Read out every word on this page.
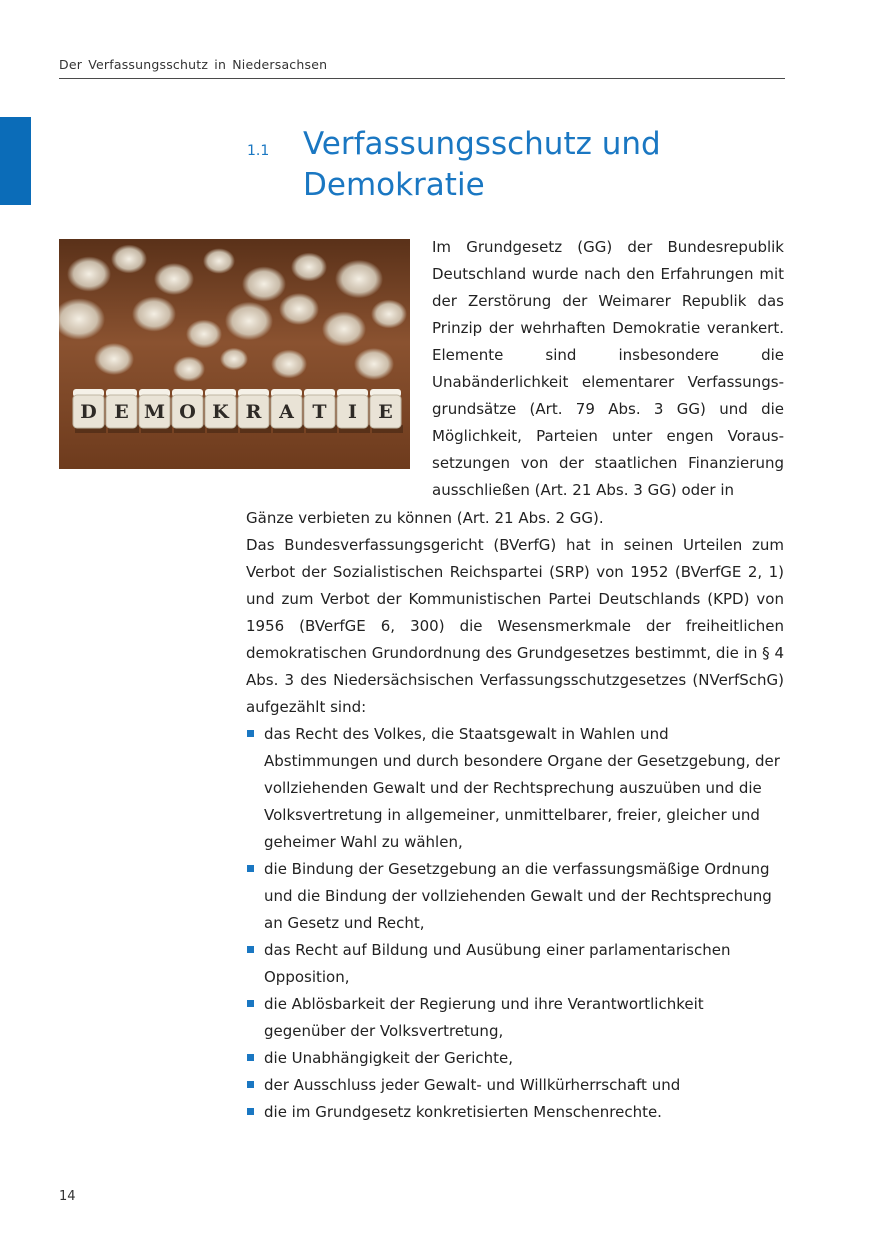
Der Verfassungsschutz in Niedersachsen
1.1 Verfassungsschutz und Demokratie
D E M O K R A T I E

Im Grundgesetz (GG) der Bundesrepublik Deutschland wurde nach den Erfahrungen mit der Zerstörung der Weimarer Republik das Prinzip der wehrhaften Demokratie verankert. Elemente sind insbesondere die Unabänderlichkeit elementarer Verfassungsgrundsätze (Art. 79 Abs. 3 GG) und die Möglichkeit, Parteien unter engen Voraussetzungen von der staatlichen Finanzierung ausschließen (Art. 21 Abs. 3 GG) oder in

Gänze verbieten zu können (Art. 21 Abs. 2 GG).

Das Bundesverfassungsgericht (BVerfG) hat in seinen Urteilen zum Verbot der Sozialistischen Reichspartei (SRP) von 1952 (BVerfGE 2, 1) und zum Verbot der Kommunistischen Partei Deutschlands (KPD) von 1956 (BVerfGE 6, 300) die Wesensmerkmale der freiheitlichen demokratischen Grundordnung des Grundgesetzes bestimmt, die in § 4 Abs. 3 des Niedersächsischen Verfassungsschutzgesetzes (NVerfSchG) aufgezählt sind:

das Recht des Volkes, die Staatsgewalt in Wahlen und Abstimmungen und durch besondere Organe der Gesetzgebung, der vollziehenden Gewalt und der Rechtsprechung auszuüben und die Volksvertretung in allgemeiner, unmittelbarer, freier, gleicher und geheimer Wahl zu wählen,
die Bindung der Gesetzgebung an die verfassungsmäßige Ordnung und die Bindung der vollziehenden Gewalt und der Rechtsprechung an Gesetz und Recht,
das Recht auf Bildung und Ausübung einer parlamentarischen Opposition,
die Ablösbarkeit der Regierung und ihre Verantwortlichkeit gegenüber der Volksvertretung,
die Unabhängigkeit der Gerichte,
der Ausschluss jeder Gewalt- und Willkürherrschaft und
die im Grundgesetz konkretisierten Menschenrechte.
14
